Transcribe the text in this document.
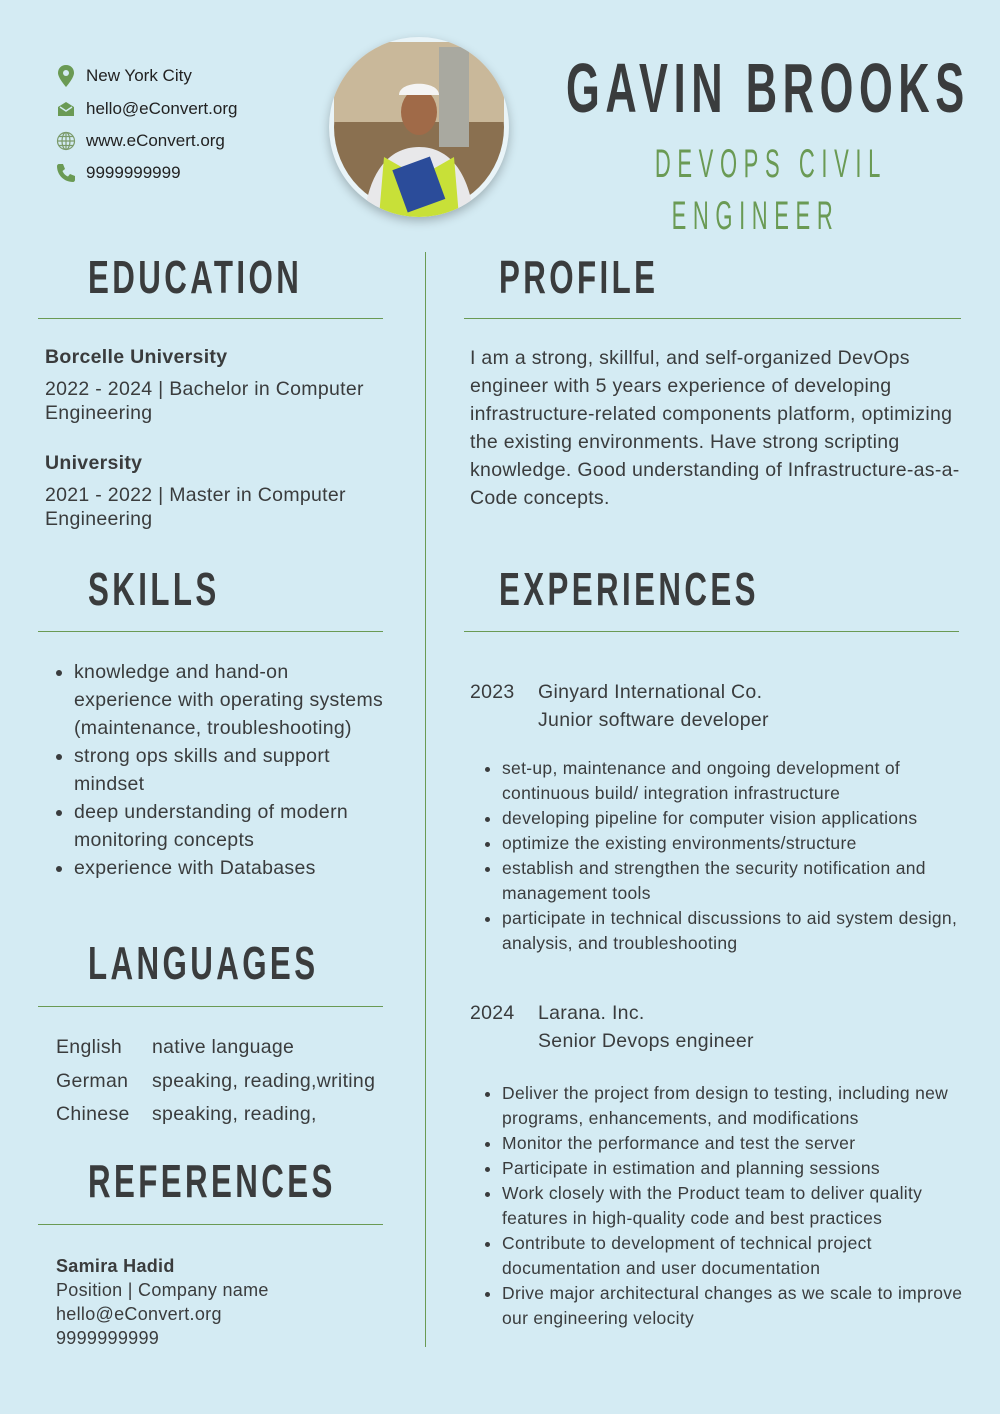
New York City
hello@eConvert.org
www.eConvert.org
9999999999
GAVIN BROOKS
DEVOPS CIVIL
ENGINEER
EDUCATION
Borcelle University
2022 - 2024 | Bachelor in Computer Engineering
University
2021 - 2022 | Master in Computer Engineering
SKILLS
• knowledge and hand-on experience with operating systems (maintenance, troubleshooting)
• strong ops skills and support mindset
• deep understanding of modern monitoring concepts
• experience with Databases
LANGUAGES
English native language
German speaking, reading,writing
Chinese speaking, reading,
REFERENCES
Samira Hadid
Position | Company name
hello@eConvert.org
9999999999
PROFILE
I am a strong, skillful, and self-organized DevOps engineer with 5 years experience of developing infrastructure-related components platform, optimizing the existing environments. Have strong scripting knowledge. Good understanding of Infrastructure-as-a-Code concepts.
EXPERIENCES
2023	Ginyard International Co.
Junior software developer
• set-up, maintenance and ongoing development of continuous build/ integration infrastructure
• developing pipeline for computer vision applications
• optimize the existing environments/structure
• establish and strengthen the security notification and management tools
• participate in technical discussions to aid system design, analysis, and troubleshooting
2024	Larana. Inc.
Senior Devops engineer
• Deliver the project from design to testing, including new programs, enhancements, and modifications
• Monitor the performance and test the server
• Participate in estimation and planning sessions
• Work closely with the Product team to deliver quality features in high-quality code and best practices
• Contribute to development of technical project documentation and user documentation
• Drive major architectural changes as we scale to improve our engineering velocity
